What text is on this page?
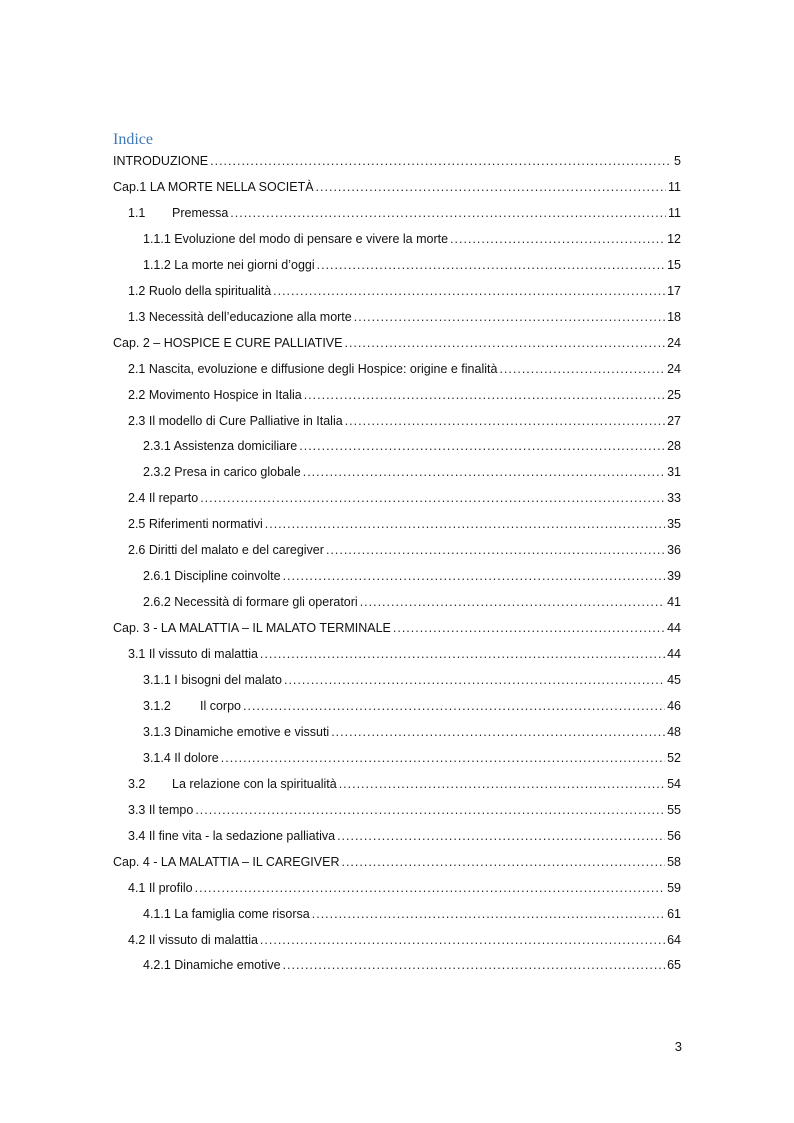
Indice
INTRODUZIONE .....	5
Cap.1 LA MORTE NELLA SOCIETÀ .....	11
1.1	Premessa .....	11
1.1.1 Evoluzione del modo di pensare e vivere la morte .....	12
1.1.2 La morte nei giorni d’oggi .....	15
1.2 Ruolo della spiritualità .....	17
1.3 Necessità dell’educazione alla morte .....	18
Cap. 2 – HOSPICE E CURE PALLIATIVE .....	24
2.1 Nascita, evoluzione e diffusione degli Hospice: origine e finalità .....	24
2.2 Movimento Hospice in Italia .....	25
2.3 Il modello di Cure Palliative in Italia .....	27
2.3.1 Assistenza domiciliare .....	28
2.3.2 Presa in carico globale .....	31
2.4 Il reparto .....	33
2.5 Riferimenti normativi .....	35
2.6 Diritti del malato e del caregiver .....	36
2.6.1 Discipline coinvolte .....	39
2.6.2 Necessità di formare gli operatori .....	41
Cap. 3 - LA MALATTIA – IL MALATO TERMINALE .....	44
3.1 Il vissuto di malattia .....	44
3.1.1 I bisogni del malato .....	45
3.1.2	Il corpo .....	46
3.1.3 Dinamiche emotive e vissuti .....	48
3.1.4 Il dolore .....	52
3.2	La relazione con la spiritualità .....	54
3.3 Il tempo .....	55
3.4 Il fine vita - la sedazione palliativa .....	56
Cap. 4 - LA MALATTIA – IL CAREGIVER .....	58
4.1 Il profilo .....	59
4.1.1 La famiglia come risorsa .....	61
4.2 Il vissuto di malattia .....	64
4.2.1 Dinamiche emotive .....	65
3
